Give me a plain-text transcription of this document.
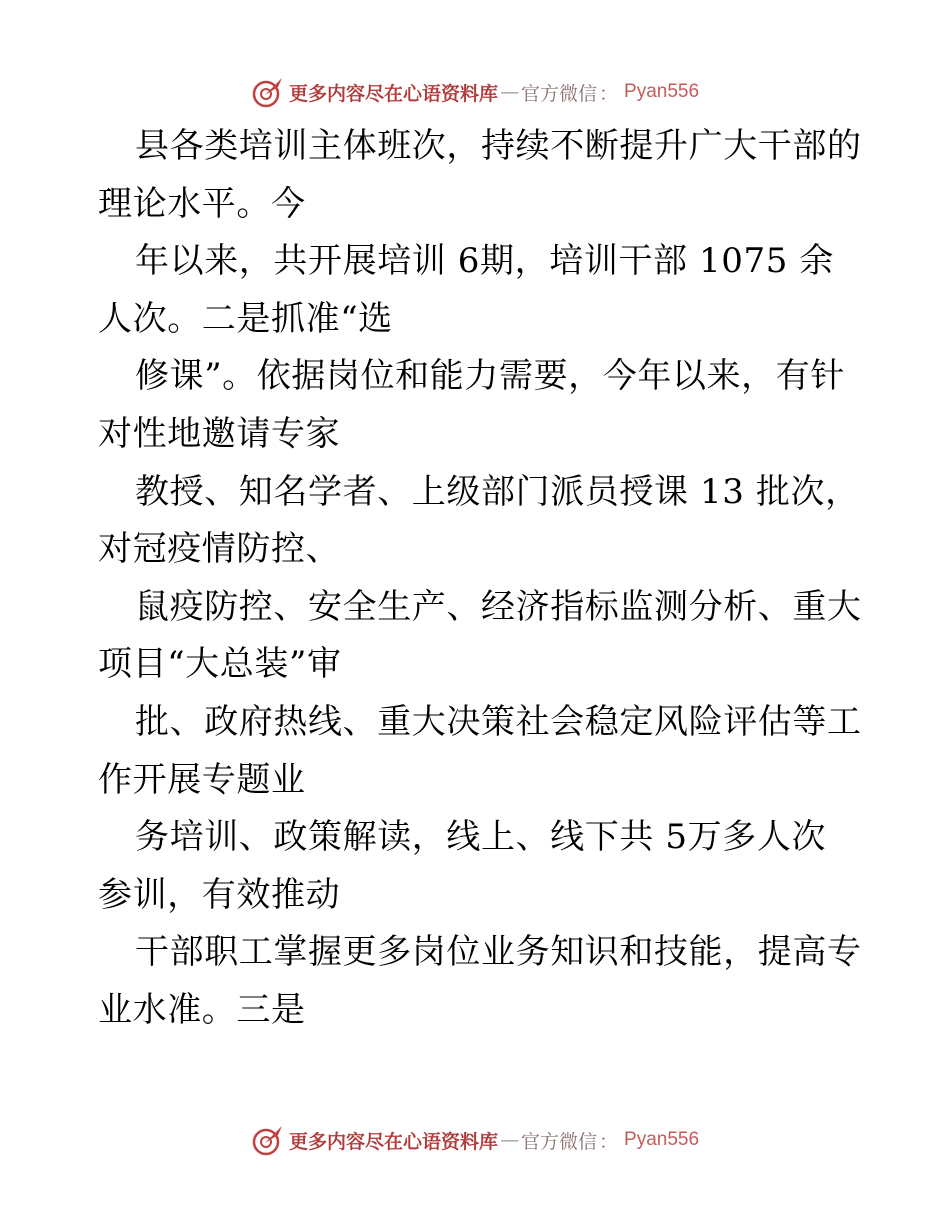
更多内容尽在心语资料库 — 官方微信 ： Pyan556

县各类培训主体班次，持续不断提升广大干部的
理论水平。今

年以来，共开展培训 6期，培训干部 1075 余
人次。二是抓准“选

修课”。依据岗位和能力需要，今年以来，有针
对性地邀请专家

教授、知名学者、上级部门派员授课 13 批次，
对冠疫情防控、

鼠疫防控、安全生产、经济指标监测分析、重大
项目“大总装”审

批、政府热线、重大决策社会稳定风险评估等工
作开展专题业

务培训、政策解读，线上、线下共 5万多人次
参训，有效推动

干部职工掌握更多岗位业务知识和技能，提高专
业水准。三是

更多内容尽在心语资料库 — 官方微信 ： Pyan556
